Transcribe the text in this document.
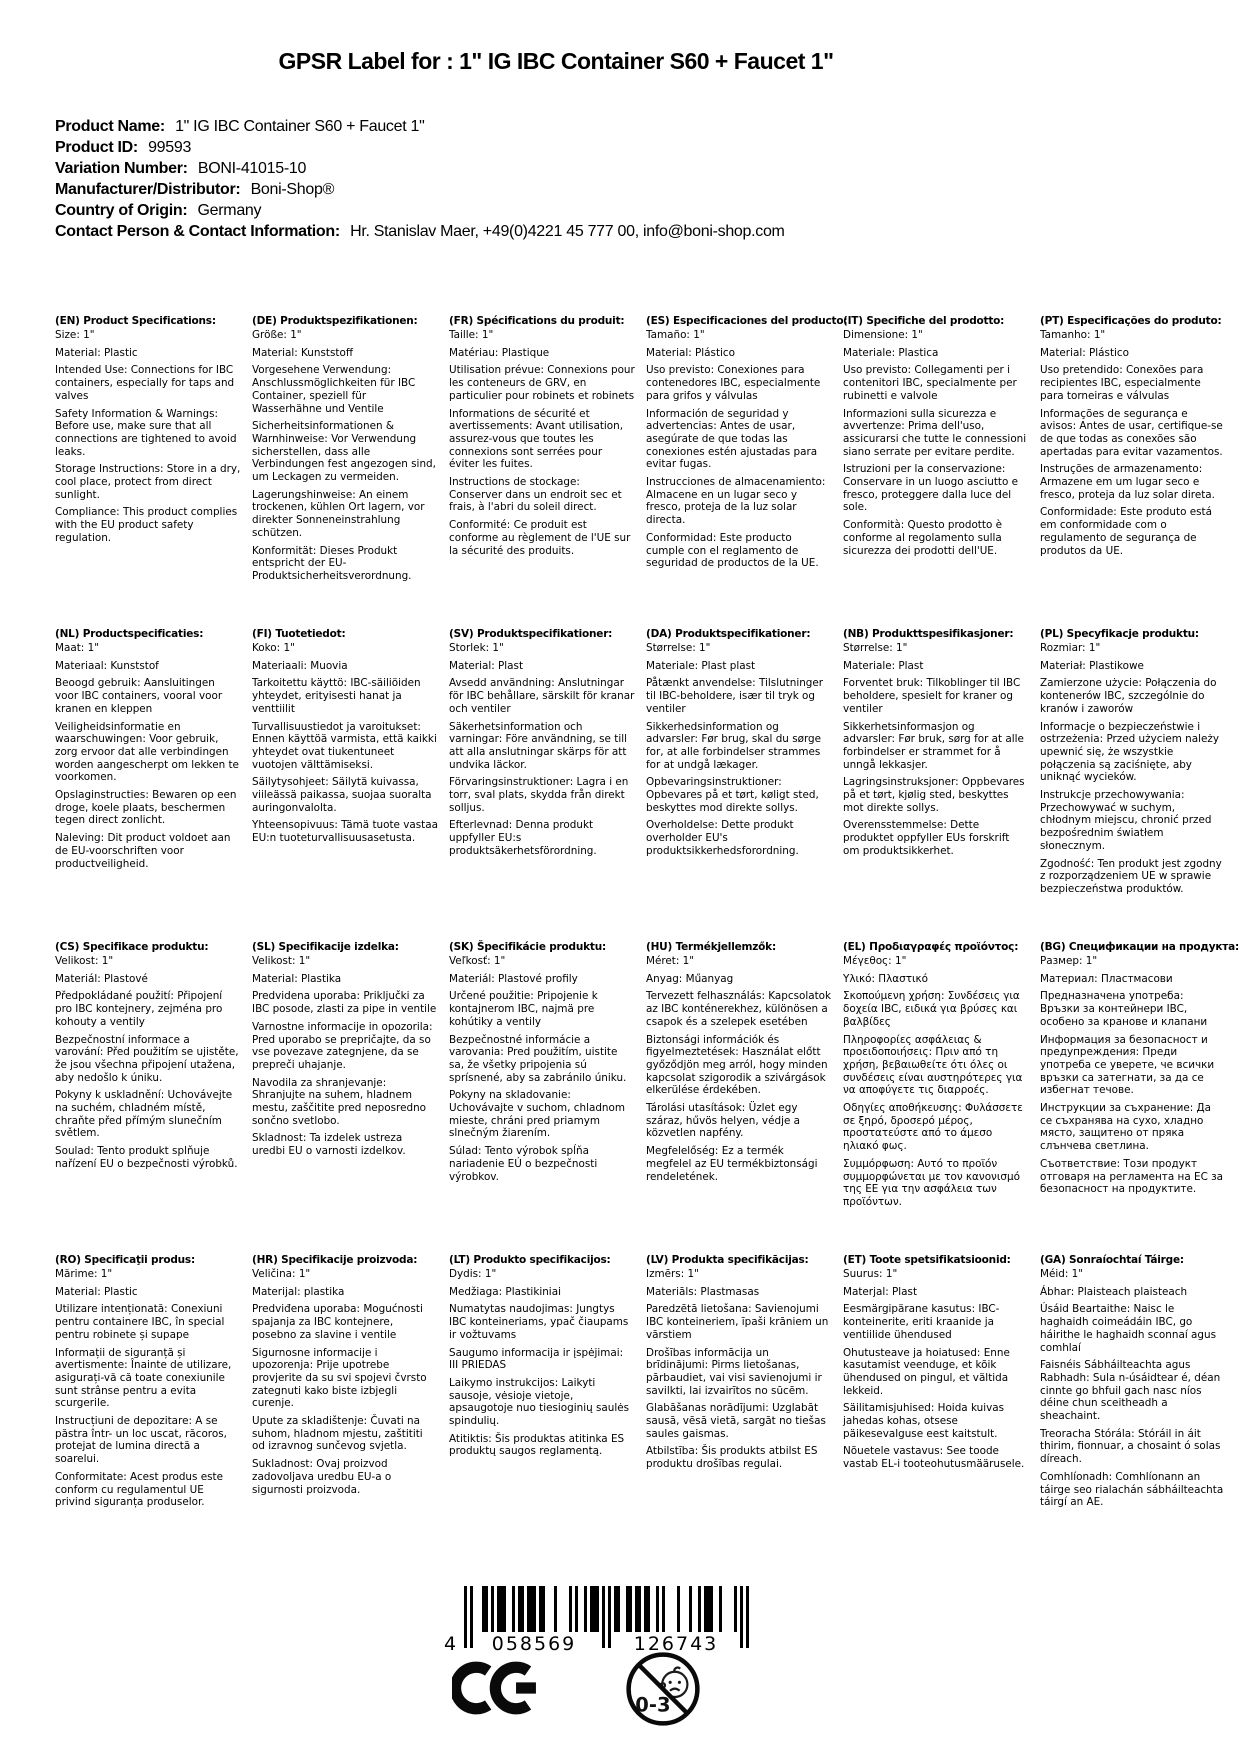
GPSR Label for : 1" IG IBC Container S60 + Faucet 1"
Product Name: 1" IG IBC Container S60 + Faucet 1"
Product ID: 99593
Variation Number: BONI-41015-10
Manufacturer/Distributor: Boni-Shop®
Country of Origin: Germany
Contact Person & Contact Information: Hr. Stanislav Maer, +49(0)4221 45 777 00, info@boni-shop.com
(EN) Product Specifications:

Size: 1"

Material: Plastic

Intended Use: Connections for IBC containers, especially for taps and valves

Safety Information & Warnings: Before use, make sure that all connections are tightened to avoid leaks.

Storage Instructions: Store in a dry, cool place, protect from direct sunlight.

Compliance: This product complies with the EU product safety regulation.

(DE) Produktspezifikationen:

Größe: 1"

Material: Kunststoff

Vorgesehene Verwendung: Anschlussmöglichkeiten für IBC Container, speziell für Wasserhähne und Ventile

Sicherheitsinformationen & Warnhinweise: Vor Verwendung sicherstellen, dass alle Verbindungen fest angezogen sind, um Leckagen zu vermeiden.

Lagerungshinweise: An einem trockenen, kühlen Ort lagern, vor direkter Sonneneinstrahlung schützen.

Konformität: Dieses Produkt entspricht der EU-Produktsicherheitsverordnung.

(FR) Spécifications du produit:

Taille: 1"

Matériau: Plastique

Utilisation prévue: Connexions pour les conteneurs de GRV, en particulier pour robinets et robinets

Informations de sécurité et avertissements: Avant utilisation, assurez-vous que toutes les connexions sont serrées pour éviter les fuites.

Instructions de stockage: Conserver dans un endroit sec et frais, à l'abri du soleil direct.

Conformité: Ce produit est conforme au règlement de l'UE sur la sécurité des produits.

(ES) Especificaciones del producto:

Tamaño: 1"

Material: Plástico

Uso previsto: Conexiones para contenedores IBC, especialmente para grifos y válvulas

Información de seguridad y advertencias: Antes de usar, asegúrate de que todas las conexiones estén ajustadas para evitar fugas.

Instrucciones de almacenamiento: Almacene en un lugar seco y fresco, proteja de la luz solar directa.

Conformidad: Este producto cumple con el reglamento de seguridad de productos de la UE.

(IT) Specifiche del prodotto:

Dimensione: 1"

Materiale: Plastica

Uso previsto: Collegamenti per i contenitori IBC, specialmente per rubinetti e valvole

Informazioni sulla sicurezza e avvertenze: Prima dell'uso, assicurarsi che tutte le connessioni siano serrate per evitare perdite.

Istruzioni per la conservazione: Conservare in un luogo asciutto e fresco, proteggere dalla luce del sole.

Conformità: Questo prodotto è conforme al regolamento sulla sicurezza dei prodotti dell'UE.

(PT) Especificações do produto:

Tamanho: 1"

Material: Plástico

Uso pretendido: Conexões para recipientes IBC, especialmente para torneiras e válvulas

Informações de segurança e avisos: Antes de usar, certifique-se de que todas as conexões são apertadas para evitar vazamentos.

Instruções de armazenamento: Armazene em um lugar seco e fresco, proteja da luz solar direta.

Conformidade: Este produto está em conformidade com o regulamento de segurança de produtos da UE.

(NL) Productspecificaties:

Maat: 1"

Materiaal: Kunststof

Beoogd gebruik: Aansluitingen voor IBC containers, vooral voor kranen en kleppen

Veiligheidsinformatie en waarschuwingen: Voor gebruik, zorg ervoor dat alle verbindingen worden aangescherpt om lekken te voorkomen.

Opslaginstructies: Bewaren op een droge, koele plaats, beschermen tegen direct zonlicht.

Naleving: Dit product voldoet aan de EU-voorschriften voor productveiligheid.

(FI) Tuotetiedot:

Koko: 1"

Materiaali: Muovia

Tarkoitettu käyttö: IBC-säiliöiden yhteydet, erityisesti hanat ja venttiilit

Turvallisuustiedot ja varoitukset: Ennen käyttöä varmista, että kaikki yhteydet ovat tiukentuneet vuotojen välttämiseksi.

Säilytysohjeet: Säilytä kuivassa, viileässä paikassa, suojaa suoralta auringonvalolta.

Yhteensopivuus: Tämä tuote vastaa EU:n tuoteturvallisuusasetusta.

(SV) Produktspecifikationer:

Storlek: 1"

Material: Plast

Avsedd användning: Anslutningar för IBC behållare, särskilt för kranar och ventiler

Säkerhetsinformation och varningar: Före användning, se till att alla anslutningar skärps för att undvika läckor.

Förvaringsinstruktioner: Lagra i en torr, sval plats, skydda från direkt solljus.

Efterlevnad: Denna produkt uppfyller EU:s produktsäkerhetsförordning.

(DA) Produktspecifikationer:

Størrelse: 1"

Materiale: Plast plast

Påtænkt anvendelse: Tilslutninger til IBC-beholdere, især til tryk og ventiler

Sikkerhedsinformation og advarsler: Før brug, skal du sørge for, at alle forbindelser strammes for at undgå lækager.

Opbevaringsinstruktioner: Opbevares på et tørt, køligt sted, beskyttes mod direkte sollys.

Overholdelse: Dette produkt overholder EU's produktsikkerhedsforordning.

(NB) Produkttspesifikasjoner:

Størrelse: 1"

Materiale: Plast

Forventet bruk: Tilkoblinger til IBC beholdere, spesielt for kraner og ventiler

Sikkerhetsinformasjon og advarsler: Før bruk, sørg for at alle forbindelser er strammet for å unngå lekkasjer.

Lagringsinstruksjoner: Oppbevares på et tørt, kjølig sted, beskyttes mot direkte sollys.

Overensstemmelse: Dette produktet oppfyller EUs forskrift om produktsikkerhet.

(PL) Specyfikacje produktu:

Rozmiar: 1"

Materiał: Plastikowe

Zamierzone użycie: Połączenia do kontenerów IBC, szczególnie do kranów i zaworów

Informacje o bezpieczeństwie i ostrzeżenia: Przed użyciem należy upewnić się, że wszystkie połączenia są zaciśnięte, aby uniknąć wycieków.

Instrukcje przechowywania: Przechowywać w suchym, chłodnym miejscu, chronić przed bezpośrednim światłem słonecznym.

Zgodność: Ten produkt jest zgodny z rozporządzeniem UE w sprawie bezpieczeństwa produktów.

(CS) Specifikace produktu:

Velikost: 1"

Materiál: Plastové

Předpokládané použití: Připojení pro IBC kontejnery, zejména pro kohouty a ventily

Bezpečnostní informace a varování: Před použitím se ujistěte, že jsou všechna připojení utažena, aby nedošlo k úniku.

Pokyny k uskladnění: Uchovávejte na suchém, chladném místě, chraňte před přímým slunečním světlem.

Soulad: Tento produkt splňuje nařízení EU o bezpečnosti výrobků.

(SL) Specifikacije izdelka:

Velikost: 1"

Material: Plastika

Predvidena uporaba: Priključki za IBC posode, zlasti za pipe in ventile

Varnostne informacije in opozorila: Pred uporabo se prepričajte, da so vse povezave zategnjene, da se prepreči uhajanje.

Navodila za shranjevanje: Shranjujte na suhem, hladnem mestu, zaščitite pred neposredno sončno svetlobo.

Skladnost: Ta izdelek ustreza uredbi EU o varnosti izdelkov.

(SK) Špecifikácie produktu:

Veľkosť: 1"

Materiál: Plastové profily

Určené použitie: Pripojenie k kontajnerom IBC, najmä pre kohútiky a ventily

Bezpečnostné informácie a varovania: Pred použitím, uistite sa, že všetky pripojenia sú sprísnené, aby sa zabránilo úniku.

Pokyny na skladovanie: Uchovávajte v suchom, chladnom mieste, chráni pred priamym slnečným žiarením.

Súlad: Tento výrobok spĺňa nariadenie EÚ o bezpečnosti výrobkov.

(HU) Termékjellemzők:

Méret: 1"

Anyag: Műanyag

Tervezett felhasználás: Kapcsolatok az IBC konténerekhez, különösen a csapok és a szelepek esetében

Biztonsági információk és figyelmeztetések: Használat előtt győződjön meg arról, hogy minden kapcsolat szigorodik a szivárgások elkerülése érdekében.

Tárolási utasítások: Üzlet egy száraz, hűvös helyen, védje a közvetlen napfény.

Megfelelőség: Ez a termék megfelel az EU termékbiztonsági rendeletének.

(EL) Προδιαγραφές προϊόντος:

Μέγεθος: 1"

Υλικό: Πλαστικό

Σκοπούμενη χρήση: Συνδέσεις για δοχεία IBC, ειδικά για βρύσες και βαλβίδες

Πληροφορίες ασφάλειας & προειδοποιήσεις: Πριν από τη χρήση, βεβαιωθείτε ότι όλες οι συνδέσεις είναι αυστηρότερες για να αποφύγετε τις διαρροές.

Οδηγίες αποθήκευσης: Φυλάσσετε σε ξηρό, δροσερό μέρος, προστατεύστε από το άμεσο ηλιακό φως.

Συμμόρφωση: Αυτό το προϊόν συμμορφώνεται με τον κανονισμό της ΕΕ για την ασφάλεια των προϊόντων.

(BG) Спецификации на продукта:

Размер: 1"

Материал: Пластмасови

Предназначена употреба: Връзки за контейнери IBC, особено за кранове и клапани

Информация за безопасност и предупреждения: Преди употреба се уверете, че всички връзки са затегнати, за да се избегнат течове.

Инструкции за съхранение: Да се съхранява на сухо, хладно място, защитено от пряка слънчева светлина.

Съответствие: Този продукт отговаря на регламента на ЕС за безопасност на продуктите.

(RO) Specificaţii produs:

Mărime: 1"

Material: Plastic

Utilizare intenționată: Conexiuni pentru containere IBC, în special pentru robinete și supape

Informații de siguranță și avertismente: Înainte de utilizare, asigurați-vă că toate conexiunile sunt strânse pentru a evita scurgerile.

Instrucțiuni de depozitare: A se păstra într- un loc uscat, răcoros, protejat de lumina directă a soarelui.

Conformitate: Acest produs este conform cu regulamentul UE privind siguranța produselor.

(HR) Specifikacije proizvoda:

Veličina: 1"

Materijal: plastika

Predviđena uporaba: Mogućnosti spajanja za IBC kontejnere, posebno za slavine i ventile

Sigurnosne informacije i upozorenja: Prije upotrebe provjerite da su svi spojevi čvrsto zategnuti kako biste izbjegli curenje.

Upute za skladištenje: Čuvati na suhom, hladnom mjestu, zaštititi od izravnog sunčevog svjetla.

Sukladnost: Ovaj proizvod zadovoljava uredbu EU-a o sigurnosti proizvoda.

(LT) Produkto specifikacijos:

Dydis: 1"

Medžiaga: Plastikiniai

Numatytas naudojimas: Jungtys IBC konteineriams, ypač čiaupams ir vožtuvams

Saugumo informacija ir įspėjimai: III PRIEDAS

Laikymo instrukcijos: Laikyti sausoje, vėsioje vietoje, apsaugotoje nuo tiesioginių saulės spindulių.

Atitiktis: Šis produktas atitinka ES produktų saugos reglamentą.

(LV) Produkta specifikācijas:

Izmērs: 1"

Materiāls: Plastmasas

Paredzētā lietošana: Savienojumi IBC konteineriem, īpaši krāniem un vārstiem

Drošības informācija un brīdinājumi: Pirms lietošanas, pārbaudiet, vai visi savienojumi ir savilkti, lai izvairītos no sūcēm.

Glabāšanas norādījumi: Uzglabāt sausā, vēsā vietā, sargāt no tiešas saules gaismas.

Atbilstība: Šis produkts atbilst ES produktu drošības regulai.

(ET) Toote spetsifikatsioonid:

Suurus: 1"

Materjal: Plast

Eesmärgipärane kasutus: IBC-konteinerite, eriti kraanide ja ventiilide ühendused

Ohutusteave ja hoiatused: Enne kasutamist veenduge, et kõik ühendused on pingul, et vältida lekkeid.

Säilitamisjuhised: Hoida kuivas jahedas kohas, otsese päikesevalguse eest kaitstult.

Nõuetele vastavus: See toode vastab EL-i tooteohutusmäärusele.

(GA) Sonraíochtaí Táirge:

Méid: 1"

Ábhar: Plaisteach plaisteach

Úsáid Beartaithe: Naisc le haghaidh coimeádáin IBC, go háirithe le haghaidh sconnaí agus comhlaí

Faisnéis Sábháilteachta agus Rabhadh: Sula n-úsáidtear é, déan cinnte go bhfuil gach nasc níos déine chun sceitheadh a sheachaint.

Treoracha Stórála: Stóráil in áit thirim, fionnuar, a chosaint ó solas díreach.

Comhlíonadh: Comhlíonann an táirge seo rialachán sábháilteachta táirgí an AE.

4 058569	126743
0-3
